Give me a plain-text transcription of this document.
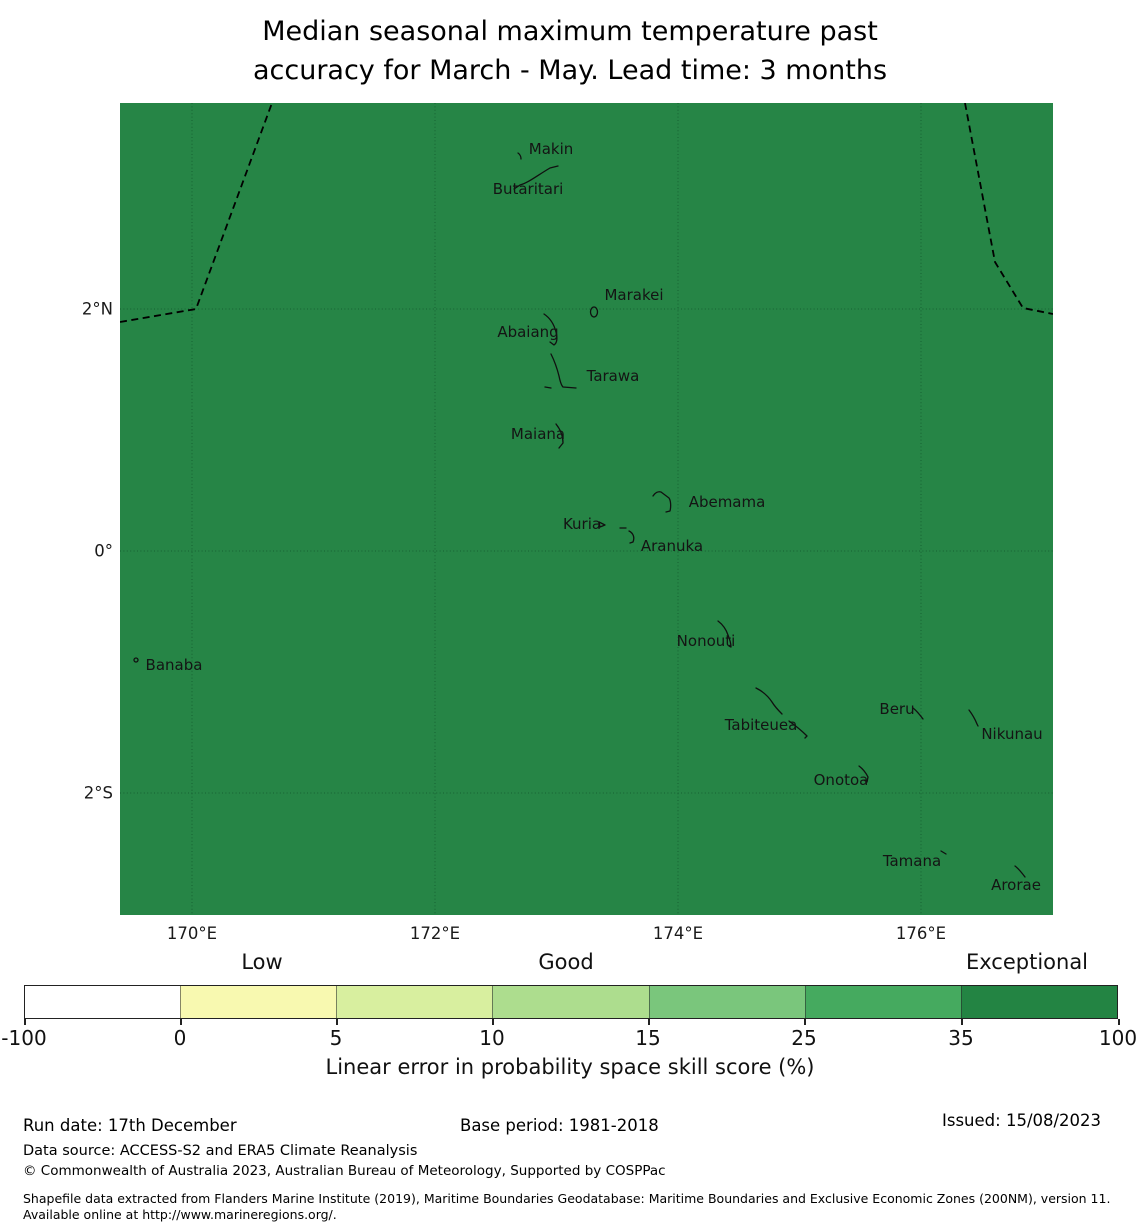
Median seasonal maximum temperature past
accuracy for March - May. Lead time: 3 months
Makin
Butaritari
Marakei
Abaiang
Tarawa
Maiana
Abemama
Kuria
Aranuka
Nonouti
Banaba
Tabiteuea
Beru
Nikunau
Onotoa
Tamana
Arorae
Linear error in probability space skill score (%)
Run date: 17th December	Base period: 1981-2018	Issued: 15/08/2023
Data source: ACCESS-S2 and ERA5 Climate Reanalysis
© Commonwealth of Australia 2023, Australian Bureau of Meteorology, Supported by COSPPac
Shapefile data extracted from Flanders Marine Institute (2019), Maritime Boundaries Geodatabase: Maritime Boundaries and Exclusive Economic Zones (200NM), version 11. Available online at http://www.marineregions.org/.
170°E	172°E	174°E	176°E
2°N
0°
2°S
Low	Good	Exceptional
-100	0	5	10	15	25	35	100
